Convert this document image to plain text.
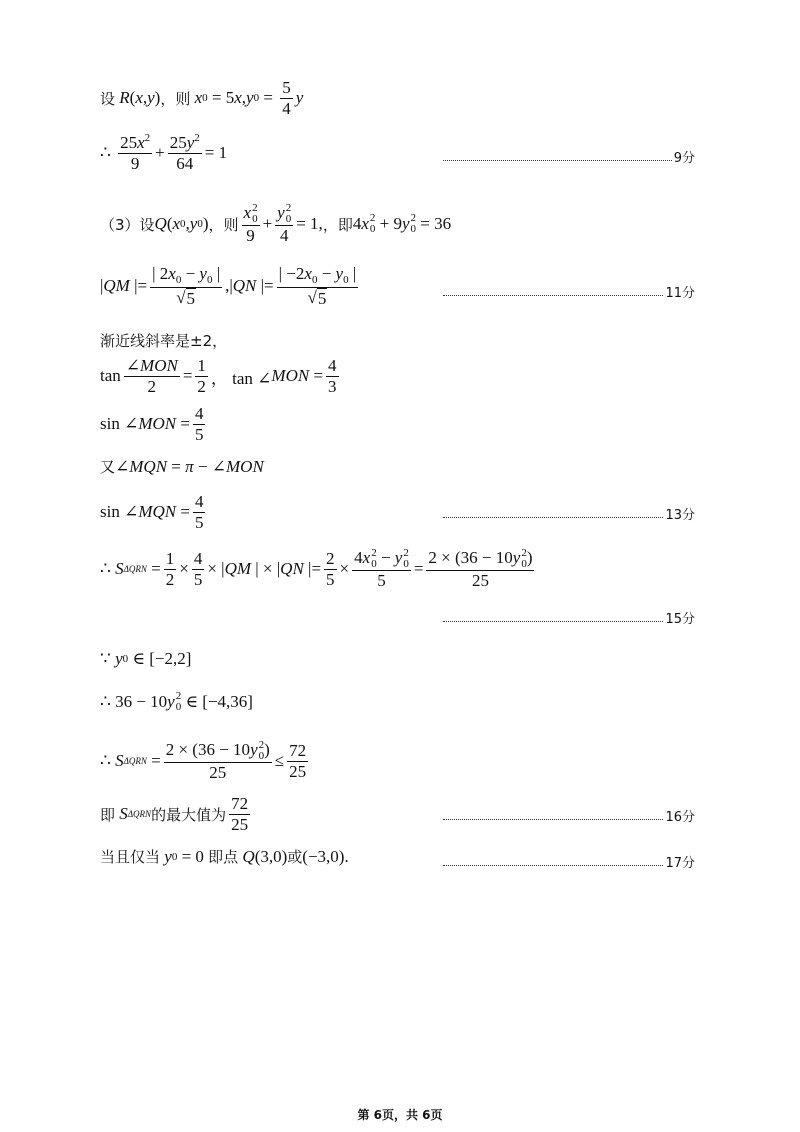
设 R ( x , y ) ，则
x 0 = 5 x , y $0 = \frac{5}{4}$ y
∴ $\frac{25x^2}{9} + \frac{25y^2}{64} = 1$	9分
（3）设 Q ( x 0 , y 0 ) ，则 x 2
0
9 + y 2
0
4 = 1, ，即 4 x 2
0 + 9 y 2
0 = 36
| QM |= $\frac{| 2x_0 - y_0 |}{√ 5}$ ,| QN |= $\frac{| -2x_0 - y_0 |}{√ 5}$	11分
渐近线斜率是±2，
$\tan \frac{\text{∠MON}}{2} = \frac{1}{2}$ ， tan ∠ MON = $\frac{4}{3}$
sin ∠ MON = $\frac{4}{5}$
又 ∠ MQN = π − ∠ MON
sin ∠ MQN = $\frac{4}{5}$	13分
∴ S $\Delta QRN = \frac{1}{2} \times \frac{4}{5}$ × | QM | × | QN |= $\frac{2}{5} \times 4x$ 2
0 − y 2
0
5 = 2 × (36 − 10y 2
0 )
25
15分
∵ y 0 ∈ [−2,2]
∴ 36 − 10 y 2
0 ∈ [−4,36]
∴ S ΔQRN = 2 × (36 − 10y 2
0 )
$25 \le \frac{72}{25}$
即
S ΔQRN 的最大值为 $\frac{72}{25}$	16分
当且仅当
y 0 = 0 即点
Q (3,0) 或 (−3,0) .	17分
第 6页，共 6页
